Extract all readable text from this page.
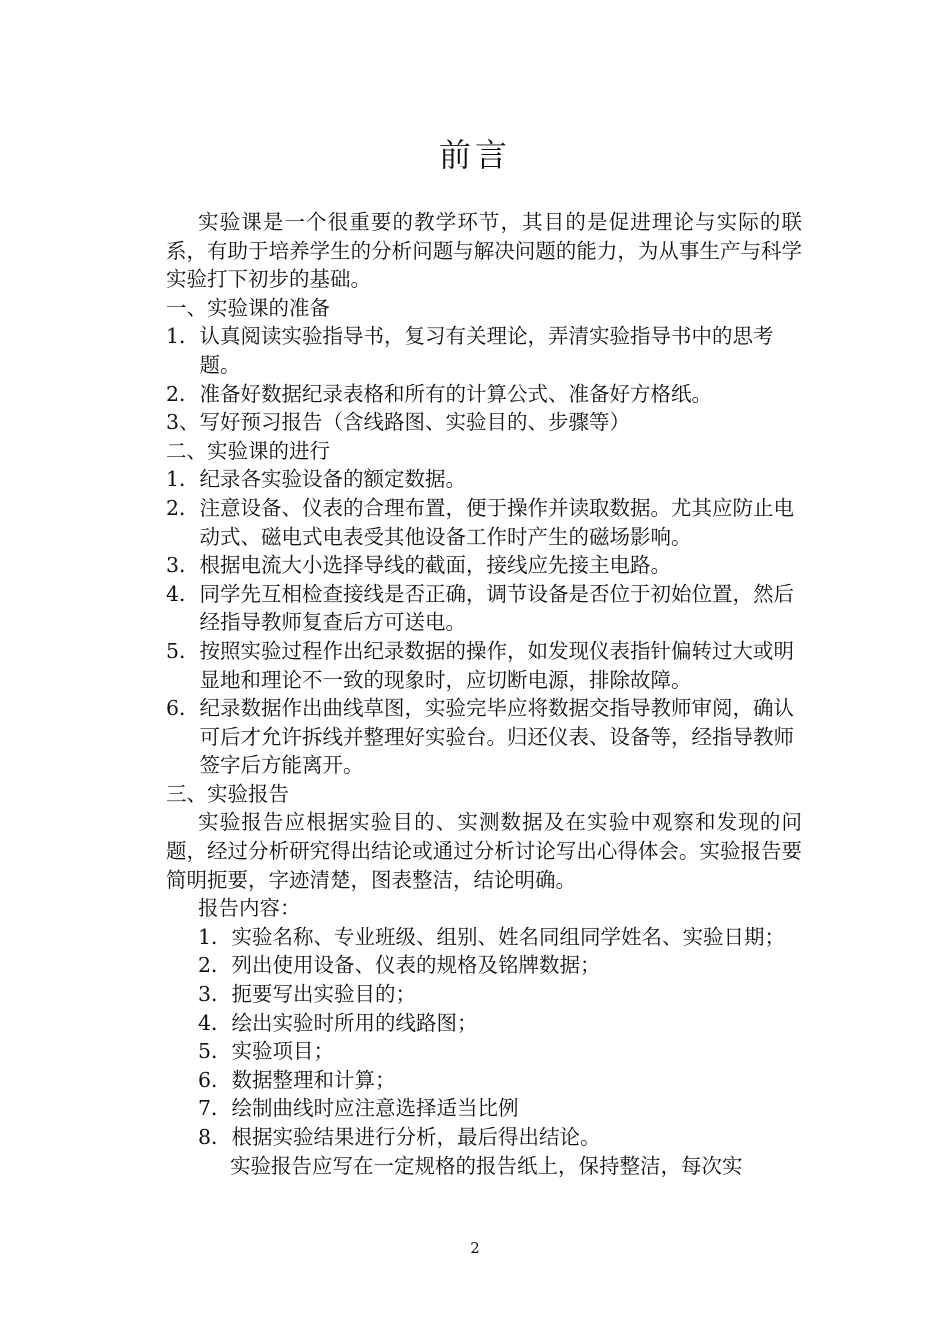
前言

实验课是一个很重要的教学环节，其目的是促进理论与实际的联系，有助于培养学生的分析问题与解决问题的能力，为从事生产与科学实验打下初步的基础。

一、实验课的准备

1． 认真阅读实验指导书，复习有关理论，弄清实验指导书中的思考题。
2． 准备好数据纪录表格和所有的计算公式、准备好方格纸。
3、 写好预习报告（含线路图、实验目的、步骤等）

二、实验课的进行

1． 纪录各实验设备的额定数据。
2． 注意设备、仪表的合理布置，便于操作并读取数据。尤其应防止电动式、磁电式电表受其他设备工作时产生的磁场影响。
3． 根据电流大小选择导线的截面，接线应先接主电路。
4． 同学先互相检查接线是否正确，调节设备是否位于初始位置，然后经指导教师复查后方可送电。
5． 按照实验过程作出纪录数据的操作，如发现仪表指针偏转过大或明显地和理论不一致的现象时，应切断电源，排除故障。
6． 纪录数据作出曲线草图，实验完毕应将数据交指导教师审阅，确认可后才允许拆线并整理好实验台。归还仪表、设备等，经指导教师签字后方能离开。

三、实验报告

实验报告应根据实验目的、实测数据及在实验中观察和发现的问题，经过分析研究得出结论或通过分析讨论写出心得体会。实验报告要简明扼要，字迹清楚，图表整洁，结论明确。

报告内容：

1． 实验名称、专业班级、组别、姓名同组同学姓名、实验日期；
2． 列出使用设备、仪表的规格及铭牌数据；
3． 扼要写出实验目的；
4． 绘出实验时所用的线路图；
5． 实验项目；
6． 数据整理和计算；
7． 绘制曲线时应注意选择适当比例
8． 根据实验结果进行分析，最后得出结论。

实验报告应写在一定规格的报告纸上，保持整洁，每次实

2
